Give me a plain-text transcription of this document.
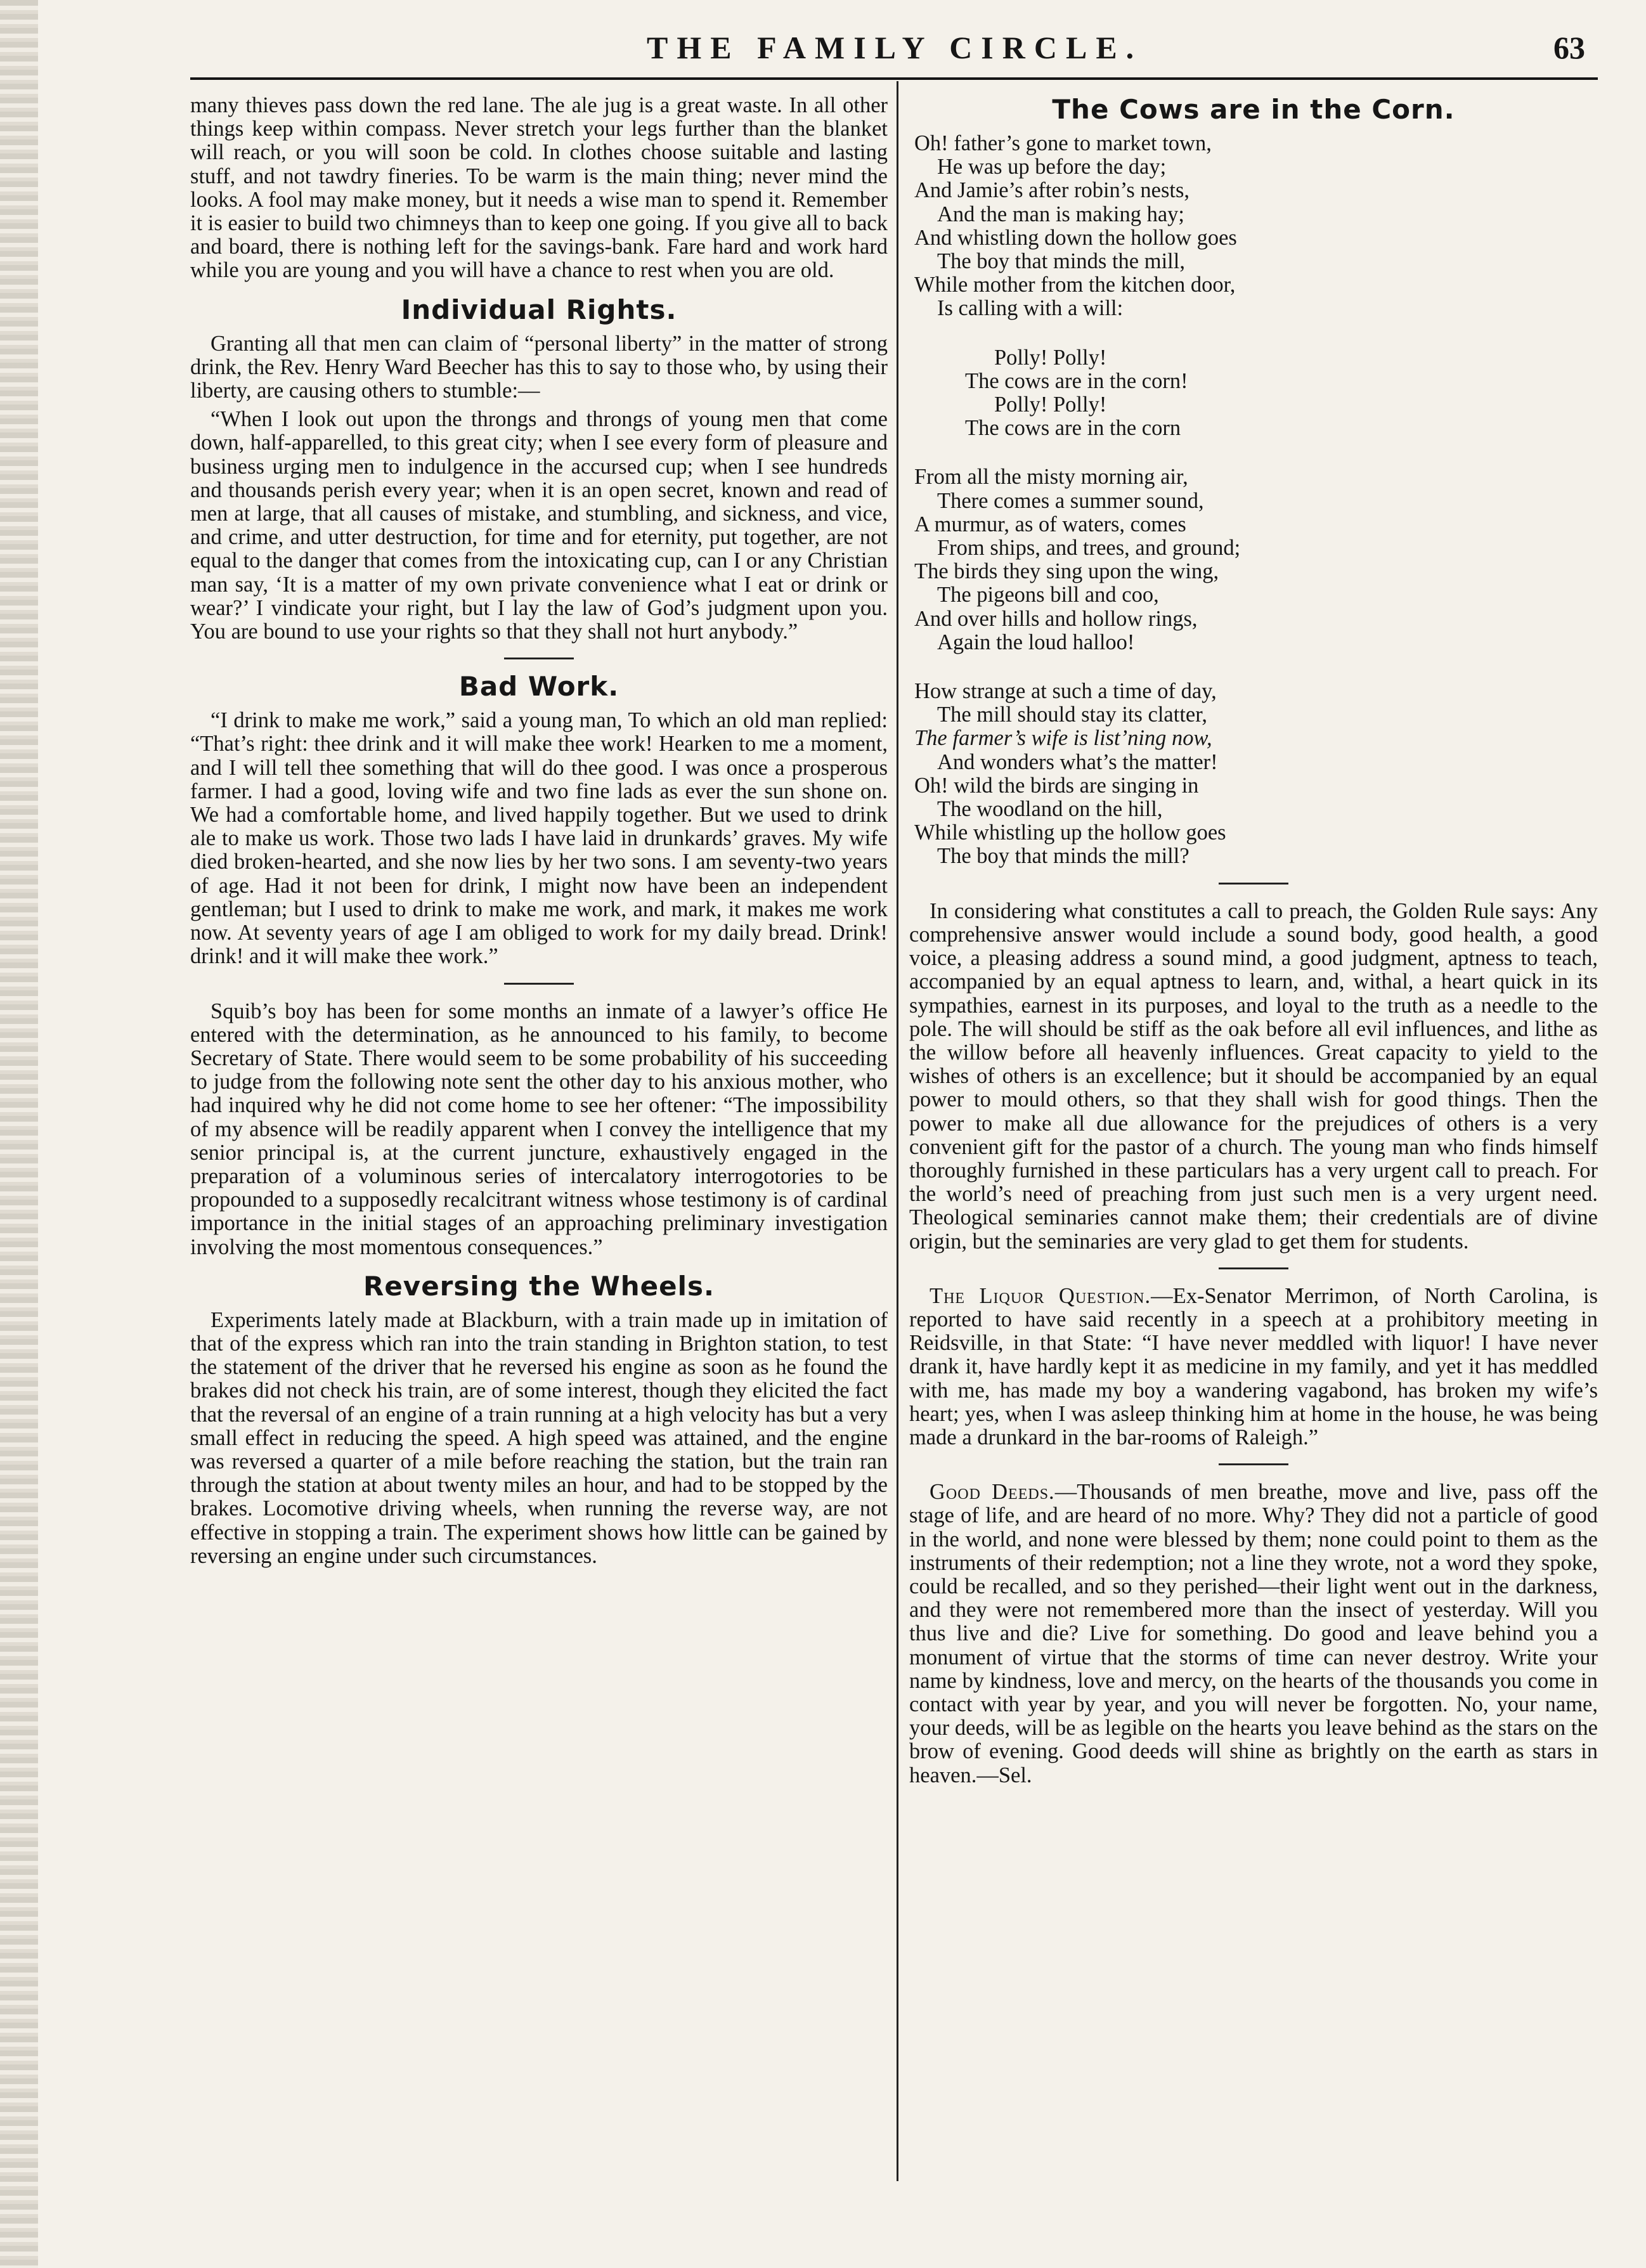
THE FAMILY CIRCLE.	63

many thieves pass down the red lane. The ale jug is a great waste. In all other things keep within compass. Never stretch your legs further than the blanket will reach, or you will soon be cold. In clothes choose suitable and lasting stuff, and not tawdry fineries. To be warm is the main thing; never mind the looks. A fool may make money, but it needs a wise man to spend it. Remember it is easier to build two chimneys than to keep one going. If you give all to back and board, there is nothing left for the savings-bank. Fare hard and work hard while you are young and you will have a chance to rest when you are old.

Individual Rights.

Granting all that men can claim of “personal liberty” in the matter of strong drink, the Rev. Henry Ward Beecher has this to say to those who, by using their liberty, are causing others to stumble:—

“When I look out upon the throngs and throngs of young men that come down, half-apparelled, to this great city; when I see every form of pleasure and business urging men to indulgence in the accursed cup; when I see hundreds and thousands perish every year; when it is an open secret, known and read of men at large, that all causes of mistake, and stumbling, and sickness, and vice, and crime, and utter destruction, for time and for eternity, put together, are not equal to the danger that comes from the intoxicating cup, can I or any Christian man say, ‘It is a matter of my own private convenience what I eat or drink or wear?’ I vindicate your right, but I lay the law of God’s judgment upon you. You are bound to use your rights so that they shall not hurt anybody.”

Bad Work.

“I drink to make me work,” said a young man, To which an old man replied: “That’s right: thee drink and it will make thee work! Hearken to me a moment, and I will tell thee something that will do thee good. I was once a prosperous farmer. I had a good, loving wife and two fine lads as ever the sun shone on. We had a comfortable home, and lived happily together. But we used to drink ale to make us work. Those two lads I have laid in drunkards’ graves. My wife died broken-hearted, and she now lies by her two sons. I am seventy-two years of age. Had it not been for drink, I might now have been an independent gentleman; but I used to drink to make me work, and mark, it makes me work now. At seventy years of age I am obliged to work for my daily bread. Drink! drink! and it will make thee work.”

Squib’s boy has been for some months an inmate of a lawyer’s office He entered with the determination, as he announced to his family, to become Secretary of State. There would seem to be some probability of his succeeding to judge from the following note sent the other day to his anxious mother, who had inquired why he did not come home to see her oftener: “The impossibility of my absence will be readily apparent when I convey the intelligence that my senior principal is, at the current juncture, exhaustively engaged in the preparation of a voluminous series of intercalatory interrogotories to be propounded to a supposedly recalcitrant witness whose testimony is of cardinal importance in the initial stages of an approaching preliminary investigation involving the most momentous consequences.”

Reversing the Wheels.

Experiments lately made at Blackburn, with a train made up in imitation of that of the express which ran into the train standing in Brighton station, to test the statement of the driver that he reversed his engine as soon as he found the brakes did not check his train, are of some interest, though they elicited the fact that the reversal of an engine of a train running at a high velocity has but a very small effect in reducing the speed. A high speed was attained, and the engine was reversed a quarter of a mile before reaching the station, but the train ran through the station at about twenty miles an hour, and had to be stopped by the brakes. Locomotive driving wheels, when running the reverse way, are not effective in stopping a train. The experiment shows how little can be gained by reversing an engine under such circumstances.

The Cows are in the Corn.
Oh! father’s gone to market town,
He was up before the day;
And Jamie’s after robin’s nests,
And the man is making hay;
And whistling down the hollow goes
The boy that minds the mill,
While mother from the kitchen door,
Is calling with a will:
Polly! Polly!
The cows are in the corn!
Polly! Polly!
The cows are in the corn
From all the misty morning air,
There comes a summer sound,
A murmur, as of waters, comes
From ships, and trees, and ground;
The birds they sing upon the wing,
The pigeons bill and coo,
And over hills and hollow rings,
Again the loud halloo!
How strange at such a time of day,
The mill should stay its clatter,
The farmer’s wife is list’ning now,
And wonders what’s the matter!
Oh! wild the birds are singing in
The woodland on the hill,
While whistling up the hollow goes
The boy that minds the mill?

In considering what constitutes a call to preach, the Golden Rule says: Any comprehensive answer would include a sound body, good health, a good voice, a pleasing address a sound mind, a good judgment, aptness to teach, accompanied by an equal aptness to learn, and, withal, a heart quick in its sympathies, earnest in its purposes, and loyal to the truth as a needle to the pole. The will should be stiff as the oak before all evil influences, and lithe as the willow before all heavenly influences. Great capacity to yield to the wishes of others is an excellence; but it should be accompanied by an equal power to mould others, so that they shall wish for good things. Then the power to make all due allowance for the prejudices of others is a very convenient gift for the pastor of a church. The young man who finds himself thoroughly furnished in these particulars has a very urgent call to preach. For the world’s need of preaching from just such men is a very urgent need. Theological seminaries cannot make them; their credentials are of divine origin, but the seminaries are very glad to get them for students.

The Liquor Question.—Ex-Senator Merrimon, of North Carolina, is reported to have said recently in a speech at a prohibitory meeting in Reidsville, in that State: “I have never meddled with liquor! I have never drank it, have hardly kept it as medicine in my family, and yet it has meddled with me, has made my boy a wandering vagabond, has broken my wife’s heart; yes, when I was asleep thinking him at home in the house, he was being made a drunkard in the bar-rooms of Raleigh.”

Good Deeds.—Thousands of men breathe, move and live, pass off the stage of life, and are heard of no more. Why? They did not a particle of good in the world, and none were blessed by them; none could point to them as the instruments of their redemption; not a line they wrote, not a word they spoke, could be recalled, and so they perished—their light went out in the darkness, and they were not remembered more than the insect of yesterday. Will you thus live and die? Live for something. Do good and leave behind you a monument of virtue that the storms of time can never destroy. Write your name by kindness, love and mercy, on the hearts of the thousands you come in contact with year by year, and you will never be forgotten. No, your name, your deeds, will be as legible on the hearts you leave behind as the stars on the brow of evening. Good deeds will shine as brightly on the earth as stars in heaven.—Sel.
